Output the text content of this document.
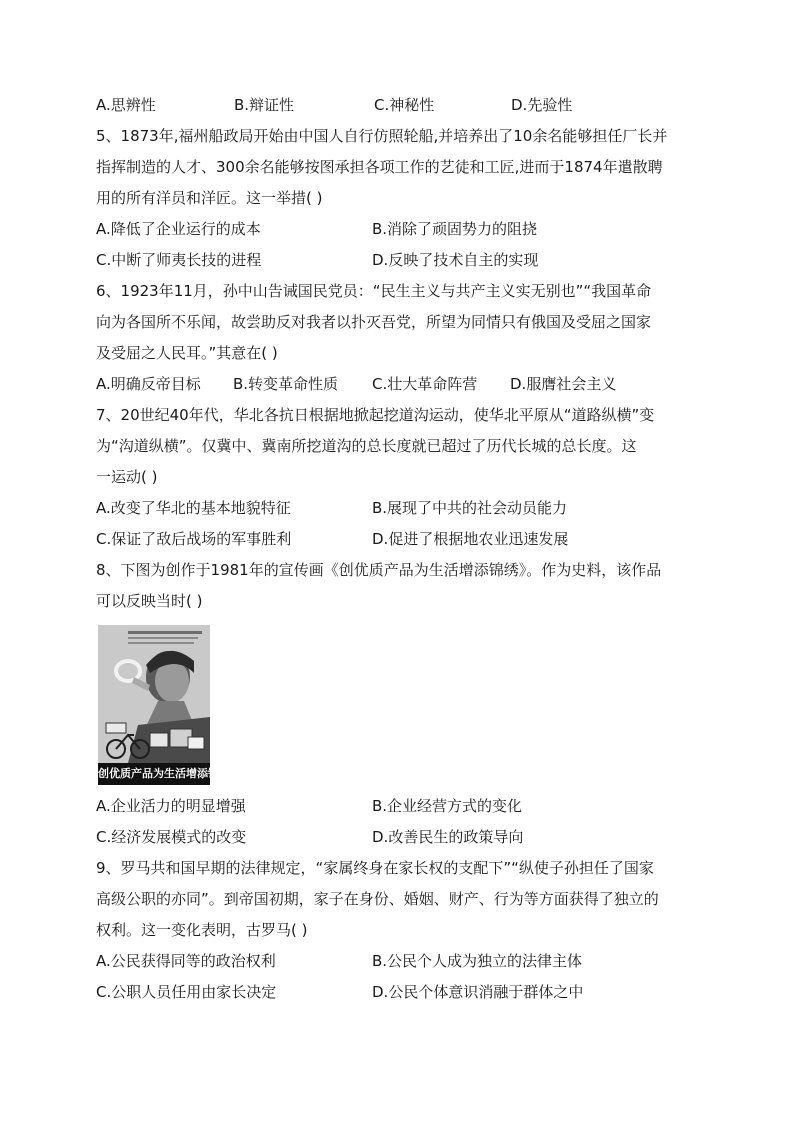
A.思辨性	B.辩证性	C.神秘性	D.先验性
5、1873年,福州船政局开始由中国人自行仿照轮船,并培养出了10余名能够担任厂长并
指挥制造的人才、300余名能够按图承担各项工作的艺徒和工匠,进而于1874年遣散聘
用的所有洋员和洋匠。这一举措( )
A.降低了企业运行的成本	B.消除了顽固势力的阻挠
C.中断了师夷长技的进程	D.反映了技术自主的实现
6、1923年11月，孙中山告诫国民党员：“民生主义与共产主义实无别也”“我国革命
向为各国所不乐闻，故尝助反对我者以扑灭吾党，所望为同情只有俄国及受屈之国家
及受屈之人民耳。”其意在( )
A.明确反帝目标	B.转变革命性质	C.壮大革命阵营	D.服膺社会主义
7、20世纪40年代，华北各抗日根据地掀起挖道沟运动，使华北平原从“道路纵横”变
为“沟道纵横”。仅冀中、冀南所挖道沟的总长度就已超过了历代长城的总长度。这
一运动( )
A.改变了华北的基本地貌特征	B.展现了中共的社会动员能力
C.保证了敌后战场的军事胜利	D.促进了根据地农业迅速发展
8、下图为创作于1981年的宣传画《创优质产品为生活增添锦绣》。作为史料，该作品
可以反映当时( )
创优质产品为生活增添锦绣
A.企业活力的明显增强	B.企业经营方式的变化
C.经济发展模式的改变	D.改善民生的政策导向
9、罗马共和国早期的法律规定，“家属终身在家长权的支配下”“纵使子孙担任了国家
高级公职的亦同”。到帝国初期，家子在身份、婚姻、财产、行为等方面获得了独立的
权利。这一变化表明，古罗马( )
A.公民获得同等的政治权利	B.公民个人成为独立的法律主体
C.公职人员任用由家长决定	D.公民个体意识消融于群体之中
